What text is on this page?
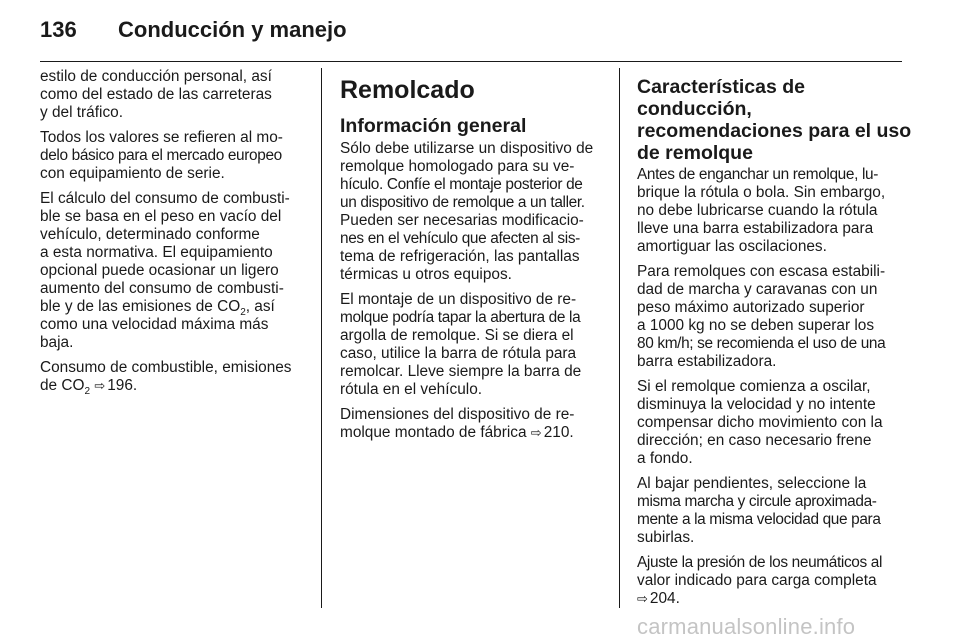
136 Conducción y manejo

estilo de conducción personal, así
como del estado de las carreteras
y del tráfico.

Todos los valores se refieren al mo-
delo básico para el mercado europeo
con equipamiento de serie.

El cálculo del consumo de combusti-
ble se basa en el peso en vacío del
vehículo, determinado conforme
a esta normativa. El equipamiento
opcional puede ocasionar un ligero
aumento del consumo de combusti-
ble y de las emisiones de $CO_2$, así
como una velocidad máxima más
baja.

Consumo de combustible, emisiones
de $CO_2$ ⇨ 196.

Remolcado
Información general

Sólo debe utilizarse un dispositivo de
remolque homologado para su ve-
hículo. Confíe el montaje posterior de
un dispositivo de remolque a un taller.
Pueden ser necesarias modificacio-
nes en el vehículo que afecten al sis-
tema de refrigeración, las pantallas
térmicas u otros equipos.

El montaje de un dispositivo de re-
molque podría tapar la abertura de la
argolla de remolque. Si se diera el
caso, utilice la barra de rótula para
remolcar. Lleve siempre la barra de
rótula en el vehículo.

Dimensiones del dispositivo de re-
molque montado de fábrica ⇨ 210.

Características de
conducción,
recomendaciones para el uso
de remolque

Antes de enganchar un remolque, lu-
brique la rótula o bola. Sin embargo,
no debe lubricarse cuando la rótula
lleve una barra estabilizadora para
amortiguar las oscilaciones.

Para remolques con escasa estabili-
dad de marcha y caravanas con un
peso máximo autorizado superior
a 1000 kg no se deben superar los
80 km/h; se recomienda el uso de una
barra estabilizadora.

Si el remolque comienza a oscilar,
disminuya la velocidad y no intente
compensar dicho movimiento con la
dirección; en caso necesario frene
a fondo.

Al bajar pendientes, seleccione la
misma marcha y circule aproximada-
mente a la misma velocidad que para
subirlas.

Ajuste la presión de los neumáticos al
valor indicado para carga completa
⇨ 204.

carmanualsonline.info
